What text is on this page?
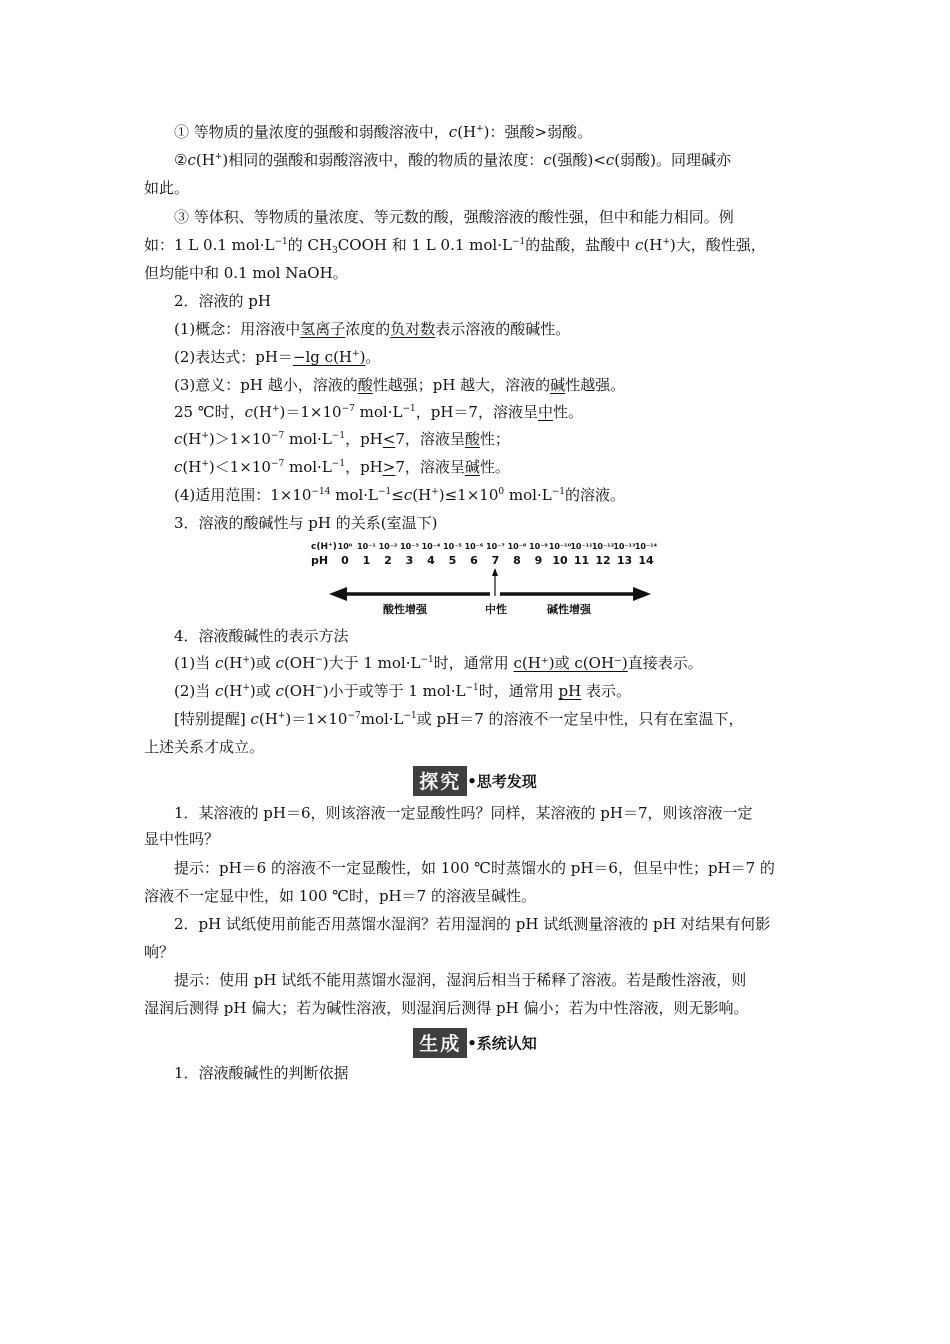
① 等物质的量浓度的强酸和弱酸溶液中，c(H+)：强酸>弱酸。
②c(H+)相同的强酸和弱酸溶液中，酸的物质的量浓度：c(强酸)<c(弱酸)。同理碱亦
如此。
③ 等体积、等物质的量浓度、等元数的酸，强酸溶液的酸性强，但中和能力相同。例
如：1 L 0.1 $mol\cdot L^{-1}$的 $CH_3COOH$ 和 1 L 0.1 $mol\cdot L^{-1}$的盐酸，盐酸中 c(H+)大，酸性强，
但均能中和 0.1 mol NaOH。
2．溶液的 pH
(1)概念：用溶液中氢离子浓度的负对数表示溶液的酸碱性。
(2)表达式：pH＝−lg c(H+)。
(3)意义：pH 越小，溶液的酸性越强；pH 越大，溶液的碱性越强。
25 ℃时，$c(H^+)=1\times 10^{-7}$ $mol\cdot L^{-1}$，pH＝7，溶液呈中性。
$c(H^+)>1\times 10^{-7}$ $mol\cdot L^{-1}$，pH<7，溶液呈酸性；
$c(H^+)<1\times 10^{-7}$ $mol\cdot L^{-1}$，pH>7，溶液呈碱性。
(4)适用范围：$1\times 10^{-14}$ $mol\cdot L^{-1}\le c(H^+)\le 1\times 10^0$ $mol\cdot L^{-1}$的溶液。
3．溶液的酸碱性与 pH 的关系(室温下)
c(H⁺)
pH
10⁰ 10⁻¹ 10⁻² 10⁻³ 10⁻⁴ 10⁻⁵ 10⁻⁶ 10⁻⁷ 10⁻⁸ 10⁻⁹ 10⁻¹⁰ 10⁻¹¹ 10⁻¹² 10⁻¹³ 10⁻¹⁴
0 1 2 3 4 5 6 7 8 9 10 11 12 13 14
酸性增强	中性	碱性增强
4．溶液酸碱性的表示方法
(1)当 c(H+)或 c(OH−)大于 1 $mol\cdot L^{-1}$时，通常用 c(H⁺)或 c(OH⁻)直接表示。
(2)当 c(H+)或 c(OH−)小于或等于 1 $mol\cdot L^{-1}$时，通常用 pH 表示。
[特别提醒] $c(H^+)=1\times 10^{-7}mol\cdot L^{-1}$或 pH＝7 的溶液不一定呈中性，只有在室温下，
上述关系才成立。
探究 •思考发现
1．某溶液的 pH＝6，则该溶液一定显酸性吗？同样，某溶液的 pH＝7，则该溶液一定
显中性吗？
提示：pH＝6 的溶液不一定显酸性，如 100 ℃时蒸馏水的 pH＝6，但呈中性；pH＝7 的
溶液不一定显中性，如 100 ℃时，pH＝7 的溶液呈碱性。
2．pH 试纸使用前能否用蒸馏水湿润？若用湿润的 pH 试纸测量溶液的 pH 对结果有何影
响？
提示：使用 pH 试纸不能用蒸馏水湿润，湿润后相当于稀释了溶液。若是酸性溶液，则
湿润后测得 pH 偏大；若为碱性溶液，则湿润后测得 pH 偏小；若为中性溶液，则无影响。
生成 •系统认知
1．溶液酸碱性的判断依据
